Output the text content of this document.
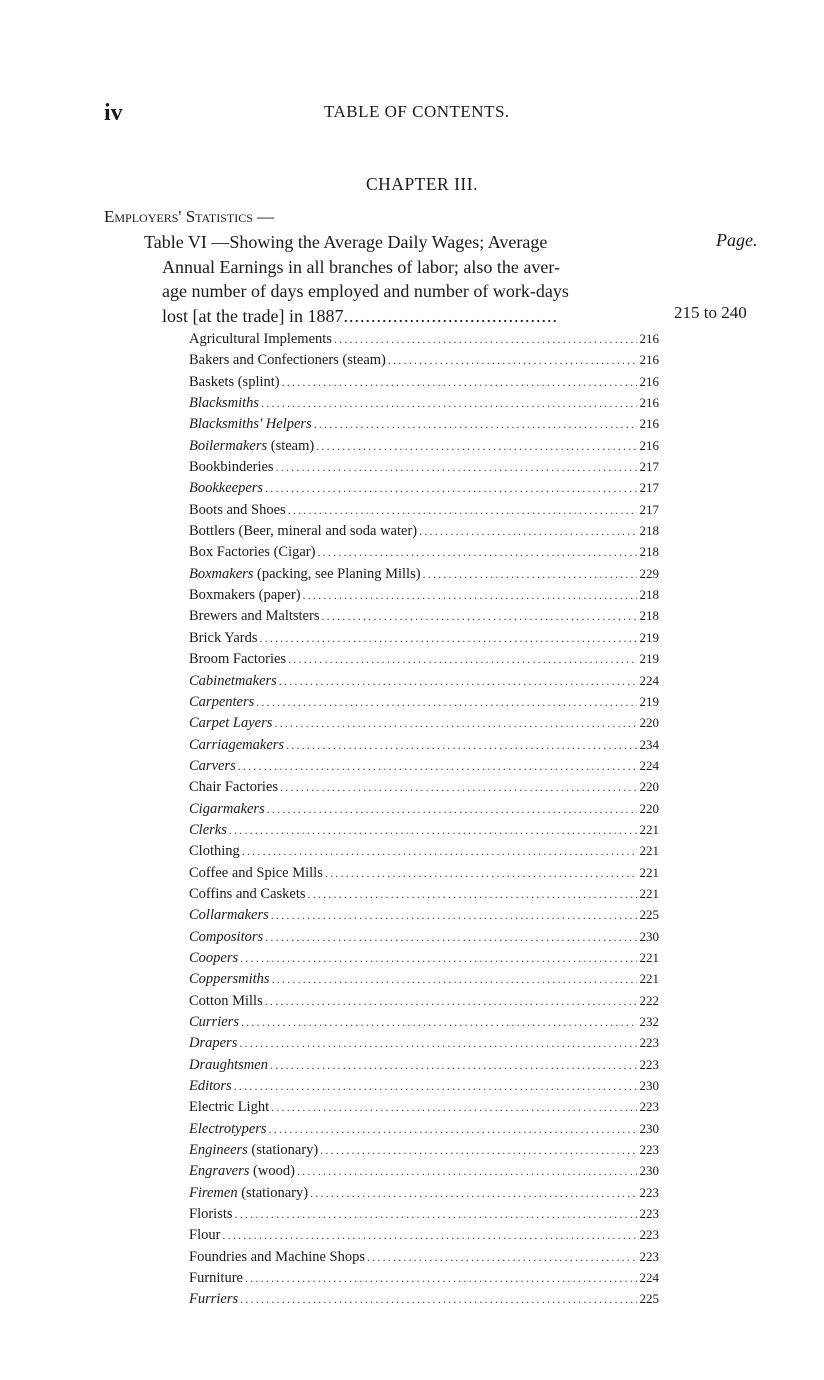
iv	TABLE OF CONTENTS.
CHAPTER III.
Employers' Statistics —
Table VI —Showing the Average Daily Wages; Average
Annual Earnings in all branches of labor; also the aver-
age number of days employed and number of work-days
lost [at the trade] in 1887.......................................
Page.
215 to 240
Agricultural Implements .....	216
Bakers and Confectioners (steam) .....	216
Baskets (splint) .....	216
Blacksmiths .....	216
Blacksmiths' Helpers .....	216
Boilermakers (steam) .....	216
Bookbinderies .....	217
Bookkeepers .....	217
Boots and Shoes .....	217
Bottlers (Beer, mineral and soda water) .....	218
Box Factories (Cigar) .....	218
Boxmakers (packing, see Planing Mills) .....	229
Boxmakers (paper) .....	218
Brewers and Maltsters .....	218
Brick Yards .....	219
Broom Factories .....	219
Cabinetmakers .....	224
Carpenters .....	219
Carpet Layers .....	220
Carriagemakers .....	234
Carvers .....	224
Chair Factories .....	220
Cigarmakers .....	220
Clerks .....	221
Clothing .....	221
Coffee and Spice Mills .....	221
Coffins and Caskets .....	221
Collarmakers .....	225
Compositors .....	230
Coopers .....	221
Coppersmiths .....	221
Cotton Mills .....	222
Curriers .....	232
Drapers .....	223
Draughtsmen .....	223
Editors .....	230
Electric Light .....	223
Electrotypers .....	230
Engineers (stationary) .....	223
Engravers (wood) .....	230
Firemen (stationary) .....	223
Florists .....	223
Flour .....	223
Foundries and Machine Shops .....	223
Furniture .....	224
Furriers .....	225
